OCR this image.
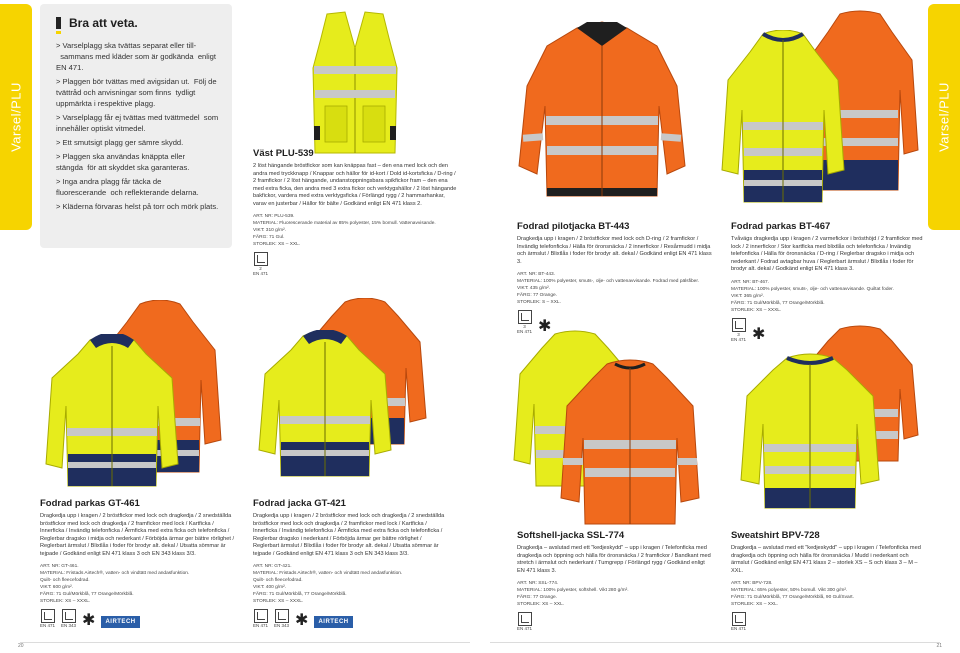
Varsel/PLU	Varsel/PLU
Bra att veta.
> Varselplagg ska tvättas separat eller till-  sammans med kläder som är godkända  enligt EN 471.
> Plaggen bör tvättas med avigsidan ut.  Följ de tvättråd och anvisningar som finns  tydligt uppmärkta i respektive plagg.
> Varselplagg får ej tvättas med tvättmedel  som innehåller optiskt vitmedel.
> Ett smutsigt plagg ger sämre skydd.
> Plaggen ska användas knäppta eller stängda  för att skyddet ska garanteras.
> Inga andra plagg får täcka de fluorescerande  och reflekterande delarna.
> Kläderna förvaras helst på torr och mörk plats.
Väst PLU-539

2 löst hängande bröstfickor som kan knäppas fast – den ena med lock och den andra med tryckknapp / Knappar och hällor för id-kort / Dold id-kortsficka / D-ring / 2 framfickor / 2 löst hängande, undanstoppningsbara spikfickor fram – den ena med extra ficka, den andra med 3 extra fickor och verktygshällor / 2 löst hängande bakfickor, vardera med extra verktygsficka / Förlängd rygg / 2 hammarhankar, varav en justerbar / Hällor för bälte / Godkänd enligt EN 471 klass 2.

ART. NR: PLU-539.
MATERIAL: Fluorescerande material av 85% polyester, 15% bomull. Vattenavvisande.
VIKT: 310 g/m².
FÄRG: 71 Gul.
STORLEK: XS – XXL.
2
EN 471
Fodrad pilotjacka BT-443

Dragkedja upp i kragen / 2 bröstfickor med lock och D-ring / 2 framfickor / Invändig telefonficka / Hälla för öronsnäcka / 2 innerfickor / Resårmudd i midja och ärmslut / Blixtlås i foder för brodyr alt. dekal / Godkänd enligt EN 471 klass 3.

ART. NR: BT-443.
MATERIAL: 100% polyester, smuts-, olje- och vattenavvisande. Fodrad med pälsfiber.
VIKT: 435 g/m².
FÄRG: 77 Orange.
STORLEK: S – XXL.
3
EN 471 ✱
Fodrad parkas BT-467

Tvåvägs dragkedja upp i kragen / 2 varmefickor i brösthöjd / 2 framfickor med lock / 2 innerfickor / Stor kartficka med blixtlås och telefonficka / Invändig telefonficka / Hälla för öronsnäcka / D-ring / Reglerbar dragsko i midja och nederkant / Fodrad avtagbar huva / Reglerbart ärmslut / Blixtlås i foder för brodyr alt. dekal / Godkänd enligt EN 471 klass 3.

ART. NR: BT-467.
MATERIAL: 100% polyester, smuts-, olje- och vattenavvisande. Quiltat foder.
VIKT: 365 g/m².
FÄRG: 71 Gul/Mörkblå, 77 Orange/Mörkblå.
STORLEK: XS – XXXL.
3
EN 471 ✱
Fodrad parkas GT-461

Dragkedja upp i kragen / 2 bröstfickor med lock och dragkedja / 2 snedställda bröstfickor med lock och dragkedja / 2 framfickor med lock / Kartficka / Innerficka / Invändig telefonficka / Ärmficka med extra ficka och telefonficka / Reglerbar dragsko i midja och nederkant / Förböjda ärmar ger bättre rörlighet / Reglerbart ärmslut / Blixtlås i foder för brodyr alt. dekal / Utsatta sömmar är tejpade / Godkänd enligt EN 471 klass 3 och EN 343 klass 3/3.

ART. NR: GT-461.
MATERIAL: Fristads Airtech®, vatten- och vindtätt med andasfunktion.
Quilt- och fleecefodrad.
VIKT: 600 g/m².
FÄRG: 71 Gul/Mörkblå, 77 Orange/Mörkblå.
STORLEK: XS – XXXL.
EN 471 EN 343 ✱	AIRTECH
Fodrad jacka GT-421

Dragkedja upp i kragen / 2 bröstfickor med lock och dragkedja / 2 snedställda bröstfickor med lock och dragkedja / 2 framfickor med lock / Kartficka / Innerficka / Invändig telefonficka / Ärmficka med extra ficka och telefonficka / Reglerbar dragsko i nederkant / Förböjda ärmar ger bättre rörlighet / Reglerbart ärmslut / Blixtlås i foder för brodyr alt. dekal / Utsatta sömmar är tejpade / Godkänd enligt EN 471 klass 3 och EN 343 klass 3/3.

ART. NR: GT-421.
MATERIAL: Fristads Airtech®, vatten- och vindtätt med andasfunktion.
Quilt- och fleecefodrad.
VIKT: 400 g/m².
FÄRG: 71 Gul/Mörkblå, 77 Orange/Mörkblå.
STORLEK: XS – XXXL.
EN 471 EN 343 ✱	AIRTECH
Softshell-jacka SSL-774

Dragkedja – avslutad med ett "kedjeskydd" – upp i kragen / Telefonficka med dragkedja och öppning och hälla för öronsnäcka / 2 framfickor / Bandkant med stretch i ärmslut och nederkant / Tumgrepp / Förlängd rygg / Godkänd enligt EN 471 klass 3.

ART. NR: SSL-774.
MATERIAL: 100% polyester, softshell. Vikt 280 g/m².
FÄRG: 77 Orange.
STORLEK: XS – XXL.
EN 471
Sweatshirt BPV-728

Dragkedja – avslutad med ett "kedjeskydd" – upp i kragen / Telefonficka med dragkedja och öppning och hälla för öronsnäcka / Mudd i nederkant och ärmslut / Godkänd enligt EN 471 klass 2 – storlek XS – S och klass 3 – M – XXL.

ART. NR: BPV-728.
MATERIAL: 65% polyester, 50% bomull. Vikt 300 g/m².
FÄRG: 71 Gul/Mörkblå, 77 Orange/Mörkblå, 90 Gul/Svart.
STORLEK: XS – XXL.
EN 471
20	21
